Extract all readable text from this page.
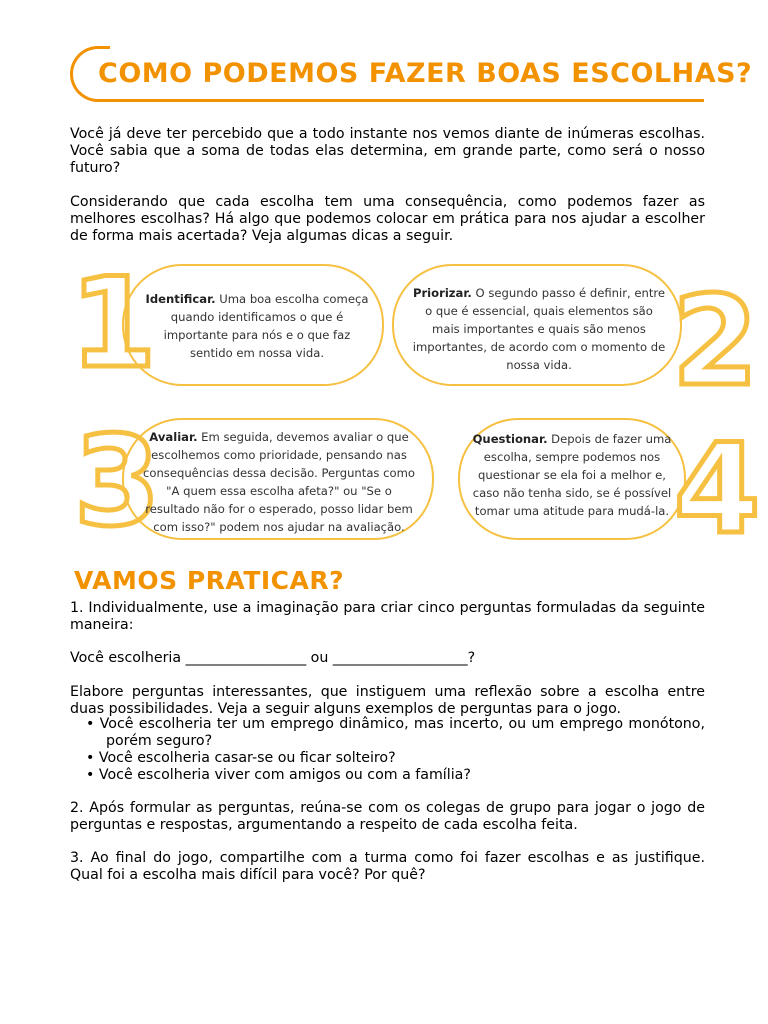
COMO PODEMOS FAZER BOAS ESCOLHAS?

Você já deve ter percebido que a todo instante nos vemos diante de inúmeras escolhas. Você sabia que a soma de todas elas determina, em grande parte, como será o nosso futuro?

Considerando que cada escolha tem uma consequência, como podemos fazer as melhores escolhas? Há algo que podemos colocar em prática para nos ajudar a escolher de forma mais acertada? Veja algumas dicas a seguir.

1
Identificar. Uma boa escolha começa quando identificamos o que é importante para nós e o que faz sentido em nossa vida.
Priorizar. O segundo passo é definir, entre o que é essencial, quais elementos são mais importantes e quais são menos importantes, de acordo com o momento de nossa vida. 2
3
Avaliar. Em seguida, devemos avaliar o que escolhemos como prioridade, pensando nas consequências dessa decisão. Perguntas como "A quem essa escolha afeta?" ou "Se o resultado não for o esperado, posso lidar bem com isso?" podem nos ajudar na avaliação.
Questionar. Depois de fazer uma escolha, sempre podemos nos questionar se ela foi a melhor e, caso não tenha sido, se é possível tomar uma atitude para mudá-la. 4
VAMOS PRATICAR?

1. Individualmente, use a imaginação para criar cinco perguntas formuladas da seguinte maneira:

Você escolheria _________________ ou ___________________?

Elabore perguntas interessantes, que instiguem uma reflexão sobre a escolha entre duas possibilidades. Veja a seguir alguns exemplos de perguntas para o jogo.

• Você escolheria ter um emprego dinâmico, mas incerto, ou um emprego monótono, porém seguro?
• Você escolheria casar-se ou ficar solteiro?
• Você escolheria viver com amigos ou com a família?

2. Após formular as perguntas, reúna-se com os colegas de grupo para jogar o jogo de perguntas e respostas, argumentando a respeito de cada escolha feita.

3. Ao final do jogo, compartilhe com a turma como foi fazer escolhas e as justifique. Qual foi a escolha mais difícil para você? Por quê?
